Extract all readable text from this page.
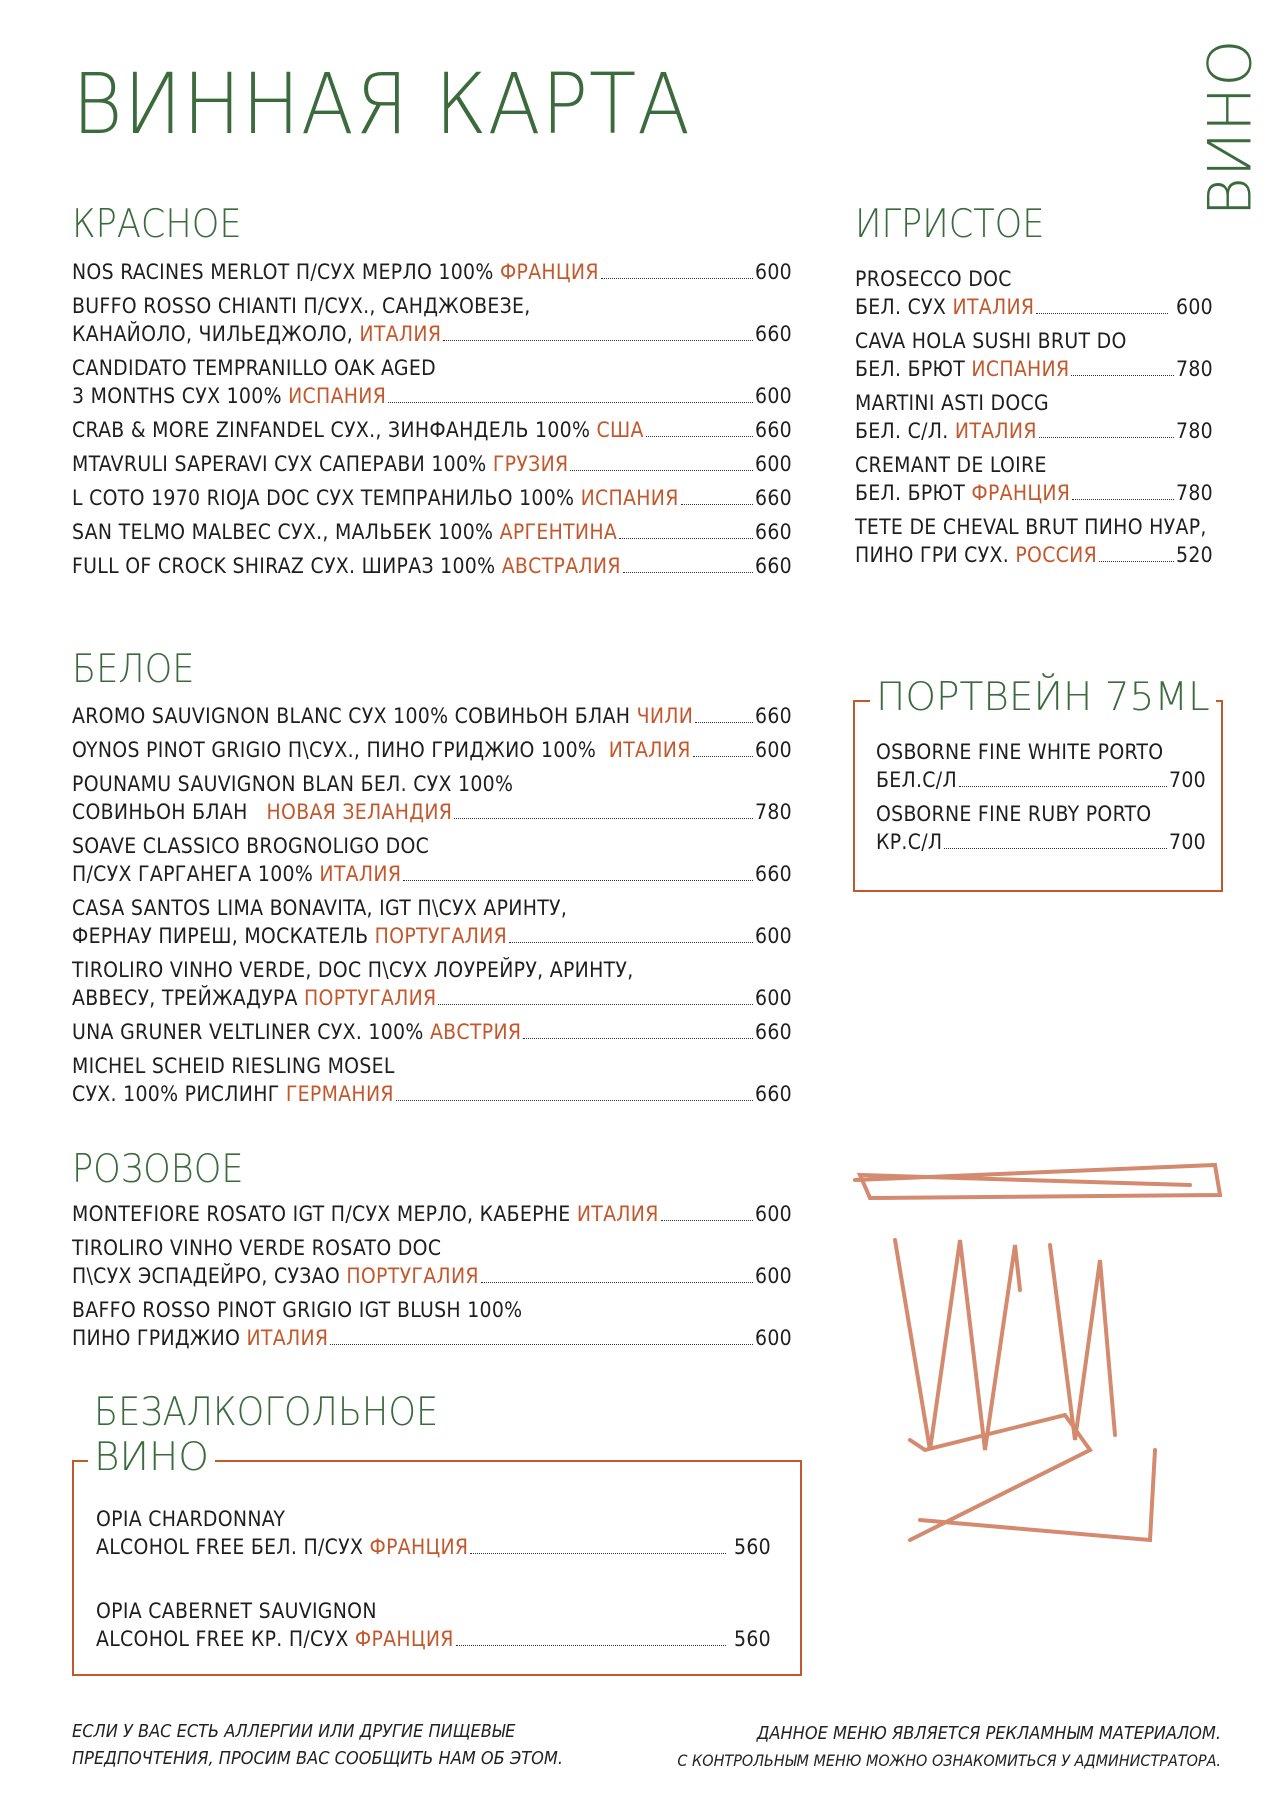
ВИННАЯ КАРТА	ВИНО
КРАСНОЕ
NOS RACINES MERLOT П/СУХ МЕРЛО 100% ФРАНЦИЯ	600
BUFFO ROSSO CHIANTI П/СУХ., САНДЖОВЕЗЕ,
КАНАЙОЛО, ЧИЛЬЕДЖОЛО, ИТАЛИЯ	660
CANDIDATO TEMPRANILLO OAK AGED
3 MONTHS СУХ 100% ИСПАНИЯ	600
CRAB & MORE ZINFANDEL СУХ., ЗИНФАНДЕЛЬ 100% США	660
MTAVRULI SAPERAVI СУХ САПЕРАВИ 100% ГРУЗИЯ	600
L COTO 1970 RIOJA DOC СУХ ТЕМПРАНИЛЬО 100% ИСПАНИЯ	660
SAN TELMO MALBEC СУХ., МАЛЬБЕК 100% АРГЕНТИНА	660
FULL OF CROCK SHIRAZ СУХ. ШИРАЗ 100% АВСТРАЛИЯ	660
БЕЛОЕ
AROMO SAUVIGNON BLANC СУХ 100% СОВИНЬОН БЛАН ЧИЛИ	660
OYNOS PINOT GRIGIO П\СУХ., ПИНО ГРИДЖИО 100% ИТАЛИЯ	600
POUNAMU SAUVIGNON BLAN БЕЛ. СУХ 100%
СОВИНЬОН БЛАН НОВАЯ ЗЕЛАНДИЯ	780
SOAVE CLASSICO BROGNOLIGO DOC
П/СУХ ГАРГАНЕГА 100% ИТАЛИЯ	660
CASA SANTOS LIMA BONAVITA, IGT П\СУХ АРИНТУ,
ФЕРНАУ ПИРЕШ, МОСКАТЕЛЬ ПОРТУГАЛИЯ	600
TIROLIRO VINHO VERDE, DOC П\СУХ ЛОУРЕЙРУ, АРИНТУ,
АВВЕСУ, ТРЕЙЖАДУРА ПОРТУГАЛИЯ	600
UNA GRUNER VELTLINER СУХ. 100% АВСТРИЯ	660
MICHEL SCHEID RIESLING MOSEL
СУХ. 100% РИСЛИНГ ГЕРМАНИЯ	660
РОЗОВОЕ
MONTEFIORE ROSATO IGT П/СУХ МЕРЛО, КАБЕРНЕ ИТАЛИЯ	600
TIROLIRO VINHO VERDE ROSATO DOC
П\СУХ ЭСПАДЕЙРО, СУЗАО ПОРТУГАЛИЯ	600
BAFFO ROSSO PINOT GRIGIO IGT BLUSH 100%
ПИНО ГРИДЖИО ИТАЛИЯ	600
БЕЗАЛКОГОЛЬНОЕ
ВИНО
OPIA CHARDONNAY
ALCOHOL FREE БЕЛ. П/СУХ ФРАНЦИЯ	560
OPIA CABERNET SAUVIGNON
ALCOHOL FREE КР. П/СУХ ФРАНЦИЯ	560
ИГРИСТОЕ
PROSECCO DOC
БЕЛ. СУХ ИТАЛИЯ	600
CAVA HOLA SUSHI BRUT DO
БЕЛ. БРЮТ ИСПАНИЯ	780
MARTINI ASTI DOCG
БЕЛ. С/Л. ИТАЛИЯ	780
CREMANT DE LOIRE
БЕЛ. БРЮТ ФРАНЦИЯ	780
TETE DE CHEVAL BRUT ПИНО НУАР,
ПИНО ГРИ СУХ. РОССИЯ	520
ПОРТВЕЙН 75ML
OSBORNE FINE WHITE PORTO
БЕЛ.С/Л	700
OSBORNE FINE RUBY PORTO
КР.С/Л	700
ЕСЛИ У ВАС ЕСТЬ АЛЛЕРГИИ ИЛИ ДРУГИЕ ПИЩЕВЫЕ
ПРЕДПОЧТЕНИЯ, ПРОСИМ ВАС СООБЩИТЬ НАМ ОБ ЭТОМ.
ДАННОЕ МЕНЮ ЯВЛЯЕТСЯ РЕКЛАМНЫМ МАТЕРИАЛОМ.
С КОНТРОЛЬНЫМ МЕНЮ МОЖНО ОЗНАКОМИТЬСЯ У АДМИНИСТРАТОРА.
